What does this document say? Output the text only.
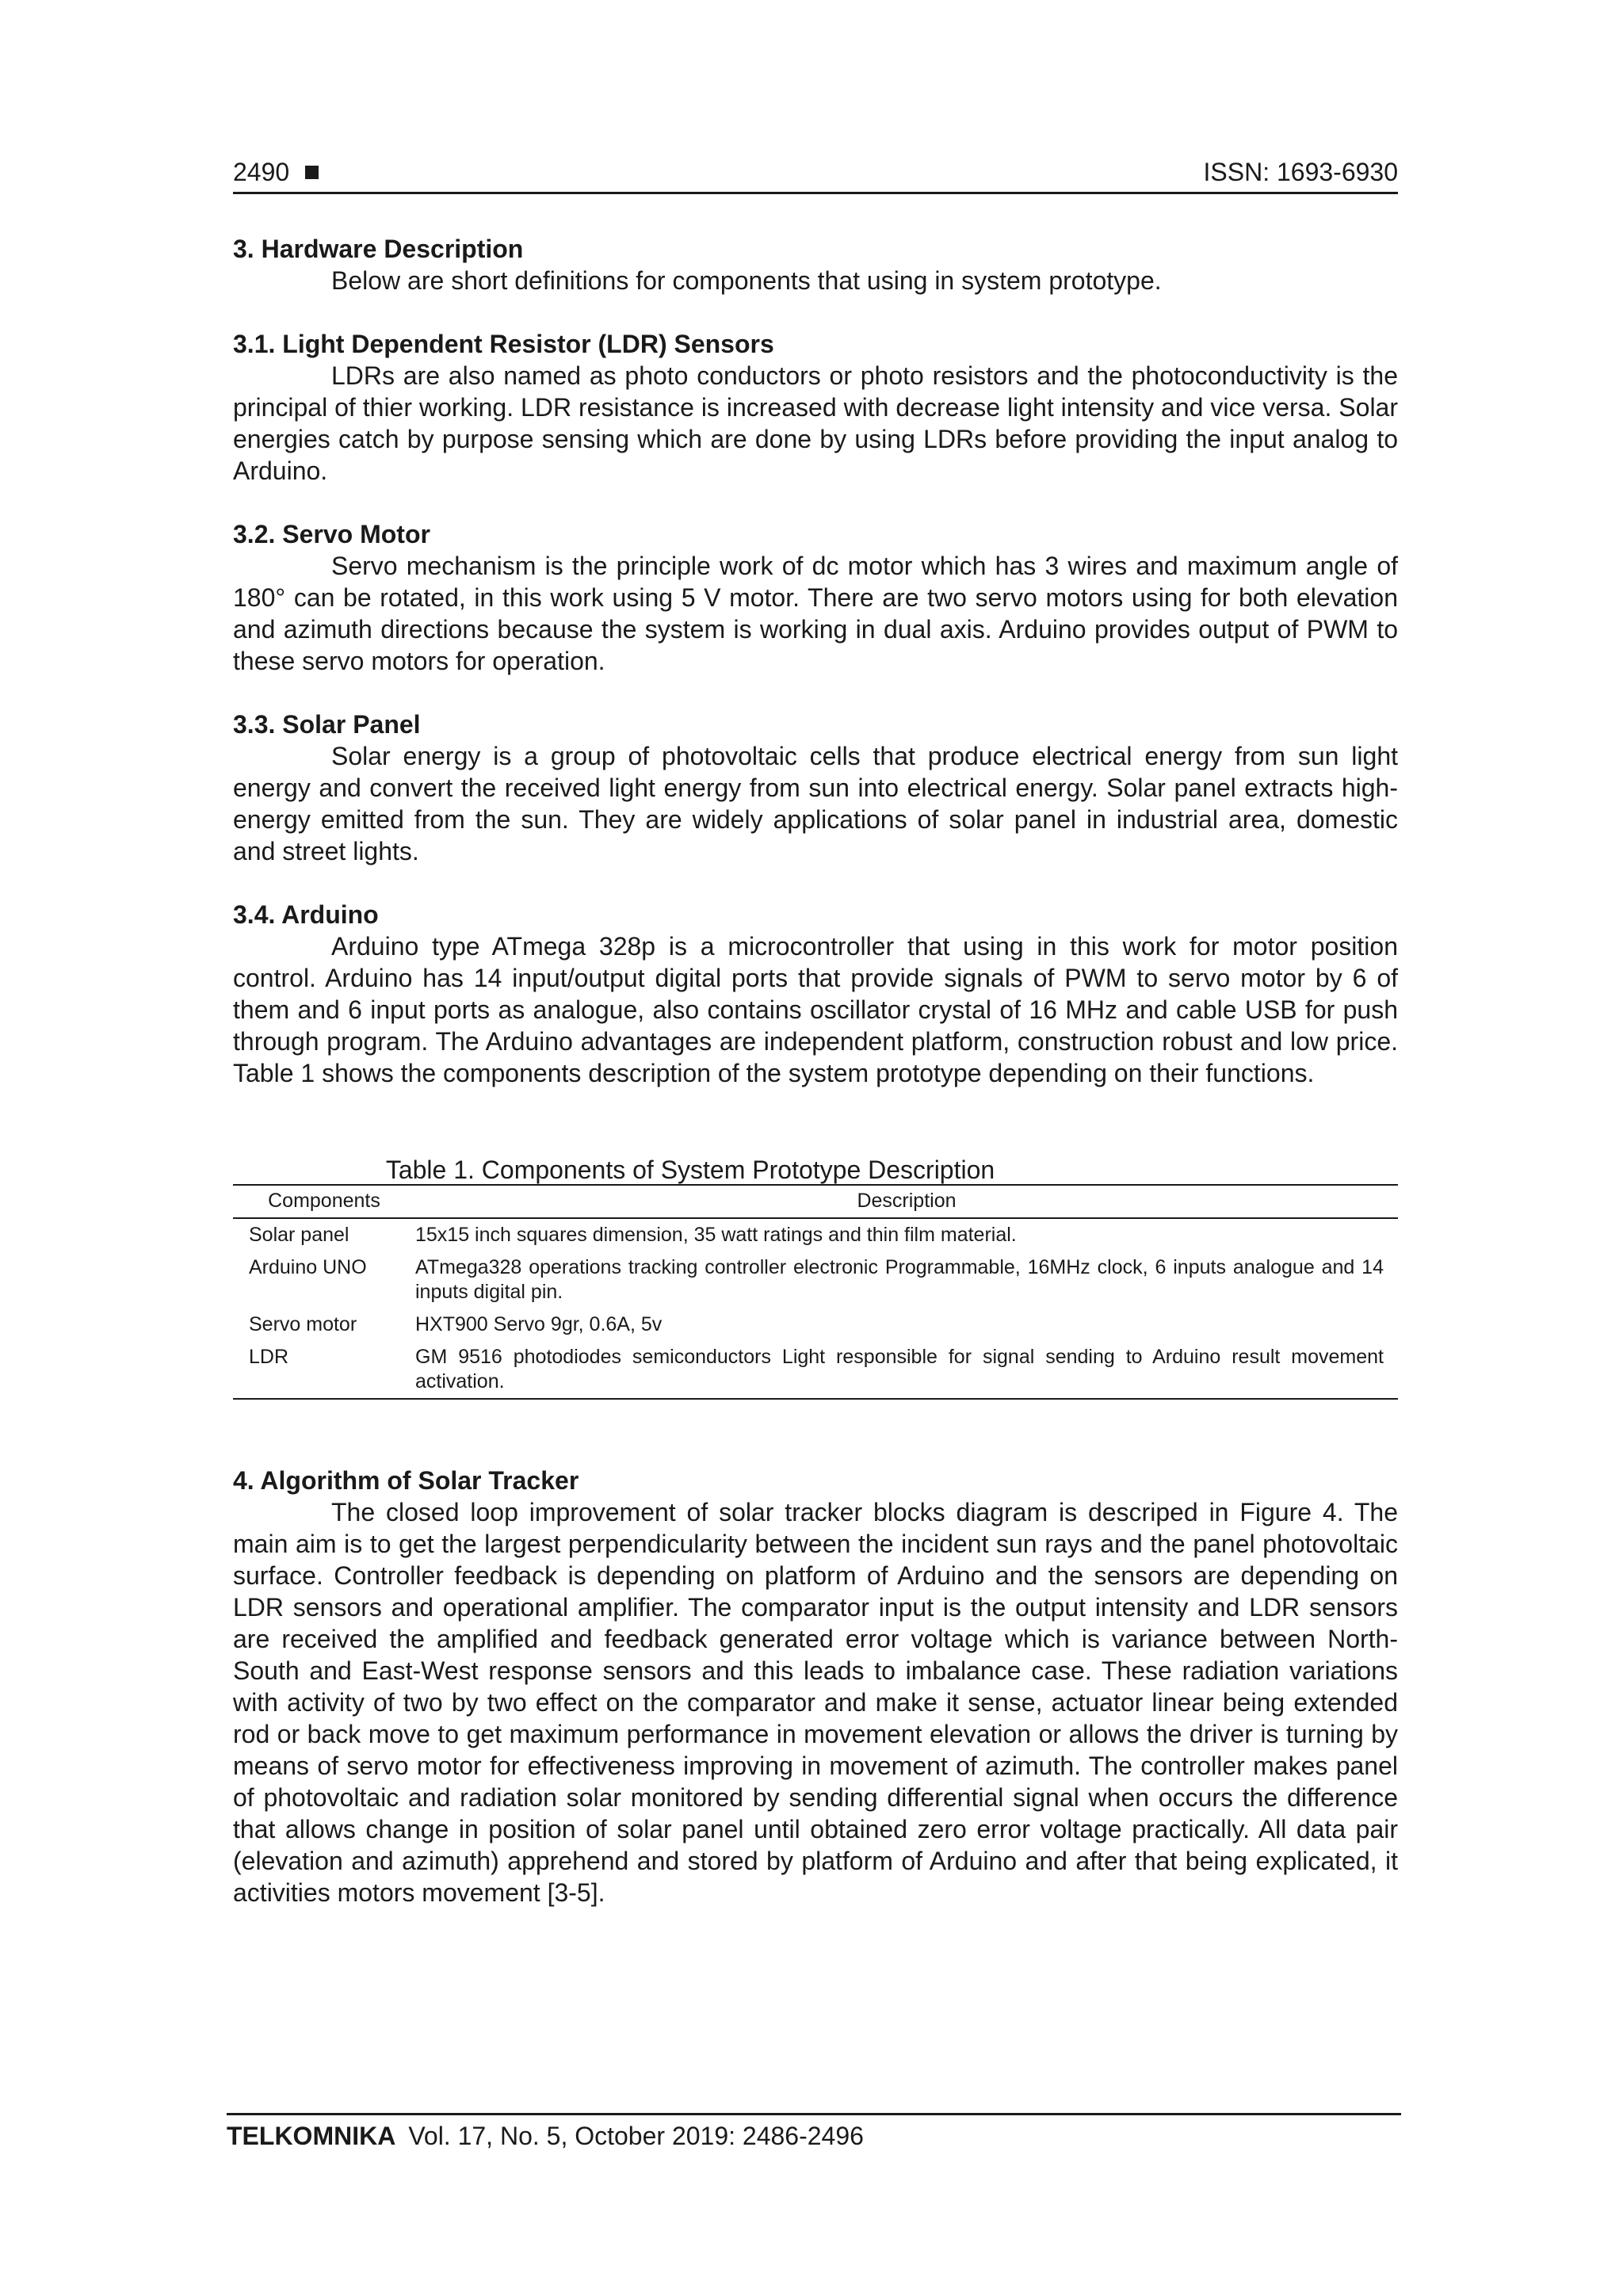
2490	ISSN: 1693-6930
3. Hardware Description

Below are short definitions for components that using in system prototype.

3.1. Light Dependent Resistor (LDR) Sensors

LDRs are also named as photo conductors or photo resistors and the photoconductivity is the principal of thier working. LDR resistance is increased with decrease light intensity and vice versa. Solar energies catch by purpose sensing which are done by using LDRs before providing the input analog to Arduino.

3.2. Servo Motor

Servo mechanism is the principle work of dc motor which has 3 wires and maximum angle of 180° can be rotated, in this work using 5 V motor. There are two servo motors using for both elevation and azimuth directions because the system is working in dual axis. Arduino provides output of PWM to these servo motors for operation.

3.3. Solar Panel

Solar energy is a group of photovoltaic cells that produce electrical energy from sun light energy and convert the received light energy from sun into electrical energy. Solar panel extracts high-energy emitted from the sun. They are widely applications of solar panel in industrial area, domestic and street lights.

3.4. Arduino

Arduino type ATmega 328p is a microcontroller that using in this work for motor position control. Arduino has 14 input/output digital ports that provide signals of PWM to servo motor by 6 of them and 6 input ports as analogue, also contains oscillator crystal of 16 MHz and cable USB for push through program. The Arduino advantages are independent platform, construction robust and low price. Table 1 shows the components description of the system prototype depending on their functions.

Table 1. Components of System Prototype Description

Components	Description
Solar panel	15x15 inch squares dimension, 35 watt ratings and thin film material.
Arduino UNO	ATmega328 operations tracking controller electronic Programmable, 16MHz clock, 6 inputs analogue and 14 inputs digital pin.
Servo motor	HXT900 Servo 9gr, 0.6A, 5v
LDR	GM 9516 photodiodes semiconductors Light responsible for signal sending to Arduino result movement activation.
4. Algorithm of Solar Tracker

The closed loop improvement of solar tracker blocks diagram is descriped in Figure 4. The main aim is to get the largest perpendicularity between the incident sun rays and the panel photovoltaic surface. Controller feedback is depending on platform of Arduino and the sensors are depending on LDR sensors and operational amplifier. The comparator input is the output intensity and LDR sensors are received the amplified and feedback generated error voltage which is variance between North-South and East-West response sensors and this leads to imbalance case. These radiation variations with activity of two by two effect on the comparator and make it sense, actuator linear being extended rod or back move to get maximum performance in movement elevation or allows the driver is turning by means of servo motor for effectiveness improving in movement of azimuth. The controller makes panel of photovoltaic and radiation solar monitored by sending differential signal when occurs the difference that allows change in position of solar panel until obtained zero error voltage practically. All data pair (elevation and azimuth) apprehend and stored by platform of Arduino and after that being explicated, it activities motors movement [3-5].

TELKOMNIKA Vol. 17, No. 5, October 2019: 2486-2496
